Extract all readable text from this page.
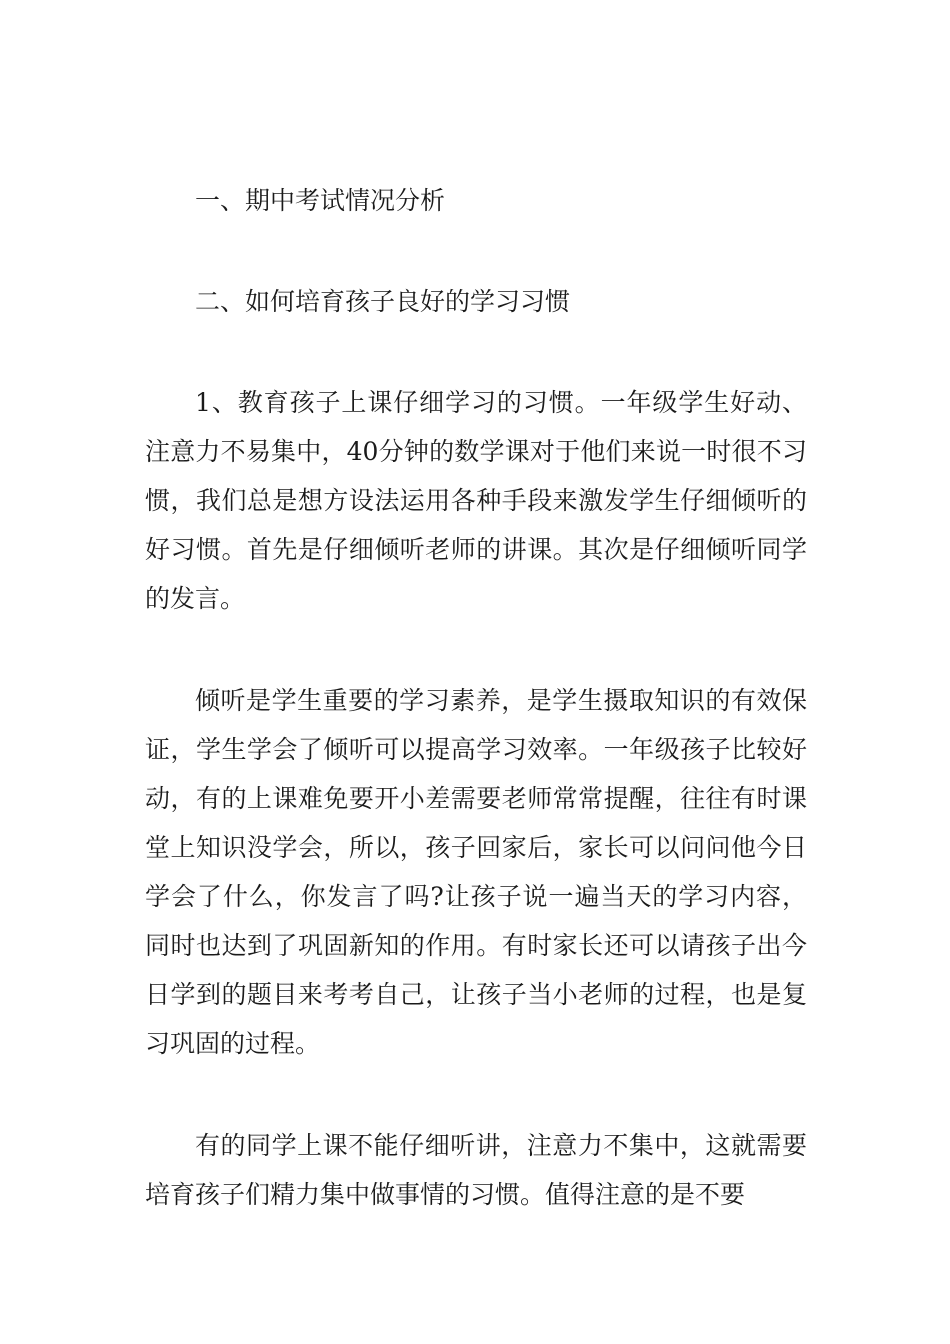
一、期中考试情况分析

二、如何培育孩子良好的学习习惯

1、教育孩子上课仔细学习的习惯。一年级学生好动、注意力不易集中，40分钟的数学课对于他们来说一时很不习惯，我们总是想方设法运用各种手段来激发学生仔细倾听的好习惯。首先是仔细倾听老师的讲课。其次是仔细倾听同学的发言。

倾听是学生重要的学习素养，是学生摄取知识的有效保证，学生学会了倾听可以提高学习效率。一年级孩子比较好动，有的上课难免要开小差需要老师常常提醒，往往有时课堂上知识没学会，所以，孩子回家后，家长可以问问他今日学会了什么，你发言了吗?让孩子说一遍当天的学习内容，同时也达到了巩固新知的作用。有时家长还可以请孩子出今日学到的题目来考考自己，让孩子当小老师的过程，也是复习巩固的过程。

有的同学上课不能仔细听讲，注意力不集中，这就需要培育孩子们精力集中做事情的习惯。值得注意的是不要
